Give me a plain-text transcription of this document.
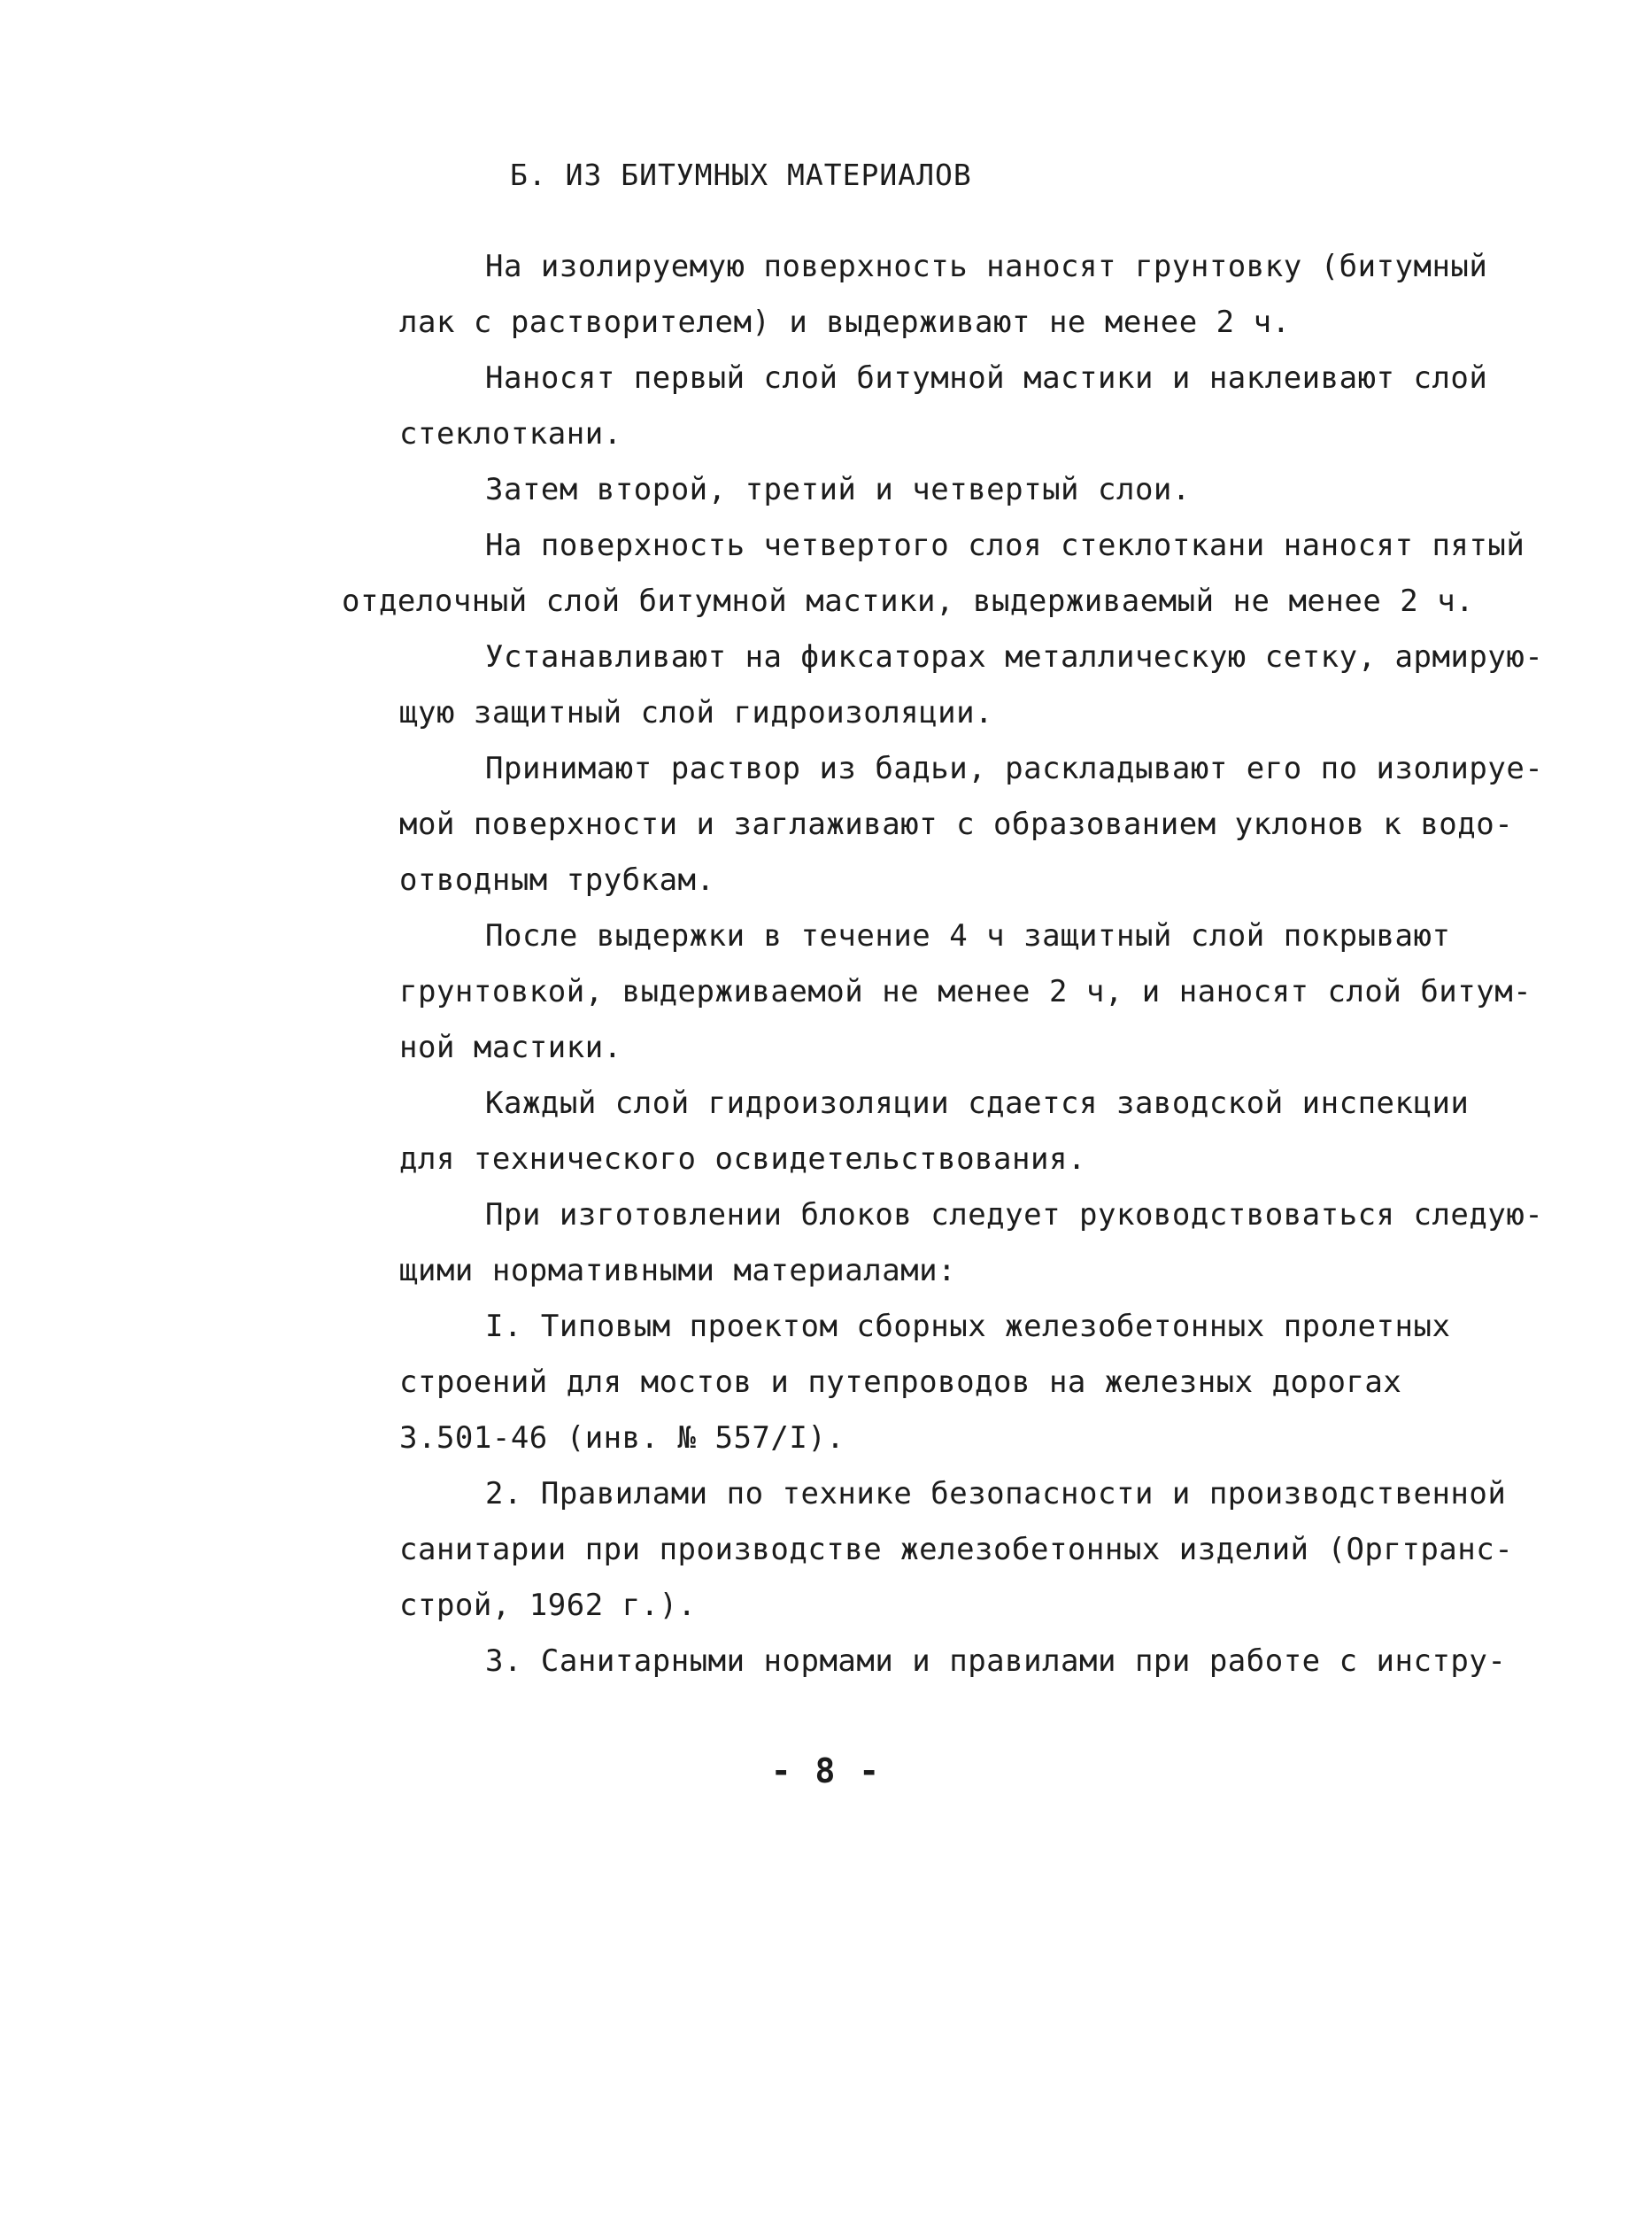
Б. ИЗ БИТУМНЫХ МАТЕРИАЛОВ

На изолируемую поверхность наносят грунтовку (битумный
лак с растворителем) и выдерживают не менее 2 ч.

Наносят первый слой битумной мастики и наклеивают слой
стеклоткани.

Затем второй, третий и четвертый слои.

На поверхность четвертого слоя стеклоткани наносят пятый
отделочный слой битумной мастики, выдерживаемый не менее 2 ч.

Устанавливают на фиксаторах металлическую сетку, армирую-
щую защитный слой гидроизоляции.

Принимают раствор из бадьи, раскладывают его по изолируе-
мой поверхности и заглаживают с образованием уклонов к водо-
отводным трубкам.

После выдержки в течение 4 ч защитный слой покрывают
грунтовкой, выдерживаемой не менее 2 ч, и наносят слой битум-
ной мастики.

Каждый слой гидроизоляции сдается заводской инспекции
для технического освидетельствования.

При изготовлении блоков следует руководствоваться следую-
щими нормативными материалами:

I. Типовым проектом сборных железобетонных пролетных
строений для мостов и путепроводов на железных дорогах
3.501-46 (инв. № 557/I).

2. Правилами по технике безопасности и производственной
санитарии при производстве железобетонных изделий (Оргтранс-
строй, 1962 г.).

3. Санитарными нормами и правилами при работе с инстру-

- 8 -
